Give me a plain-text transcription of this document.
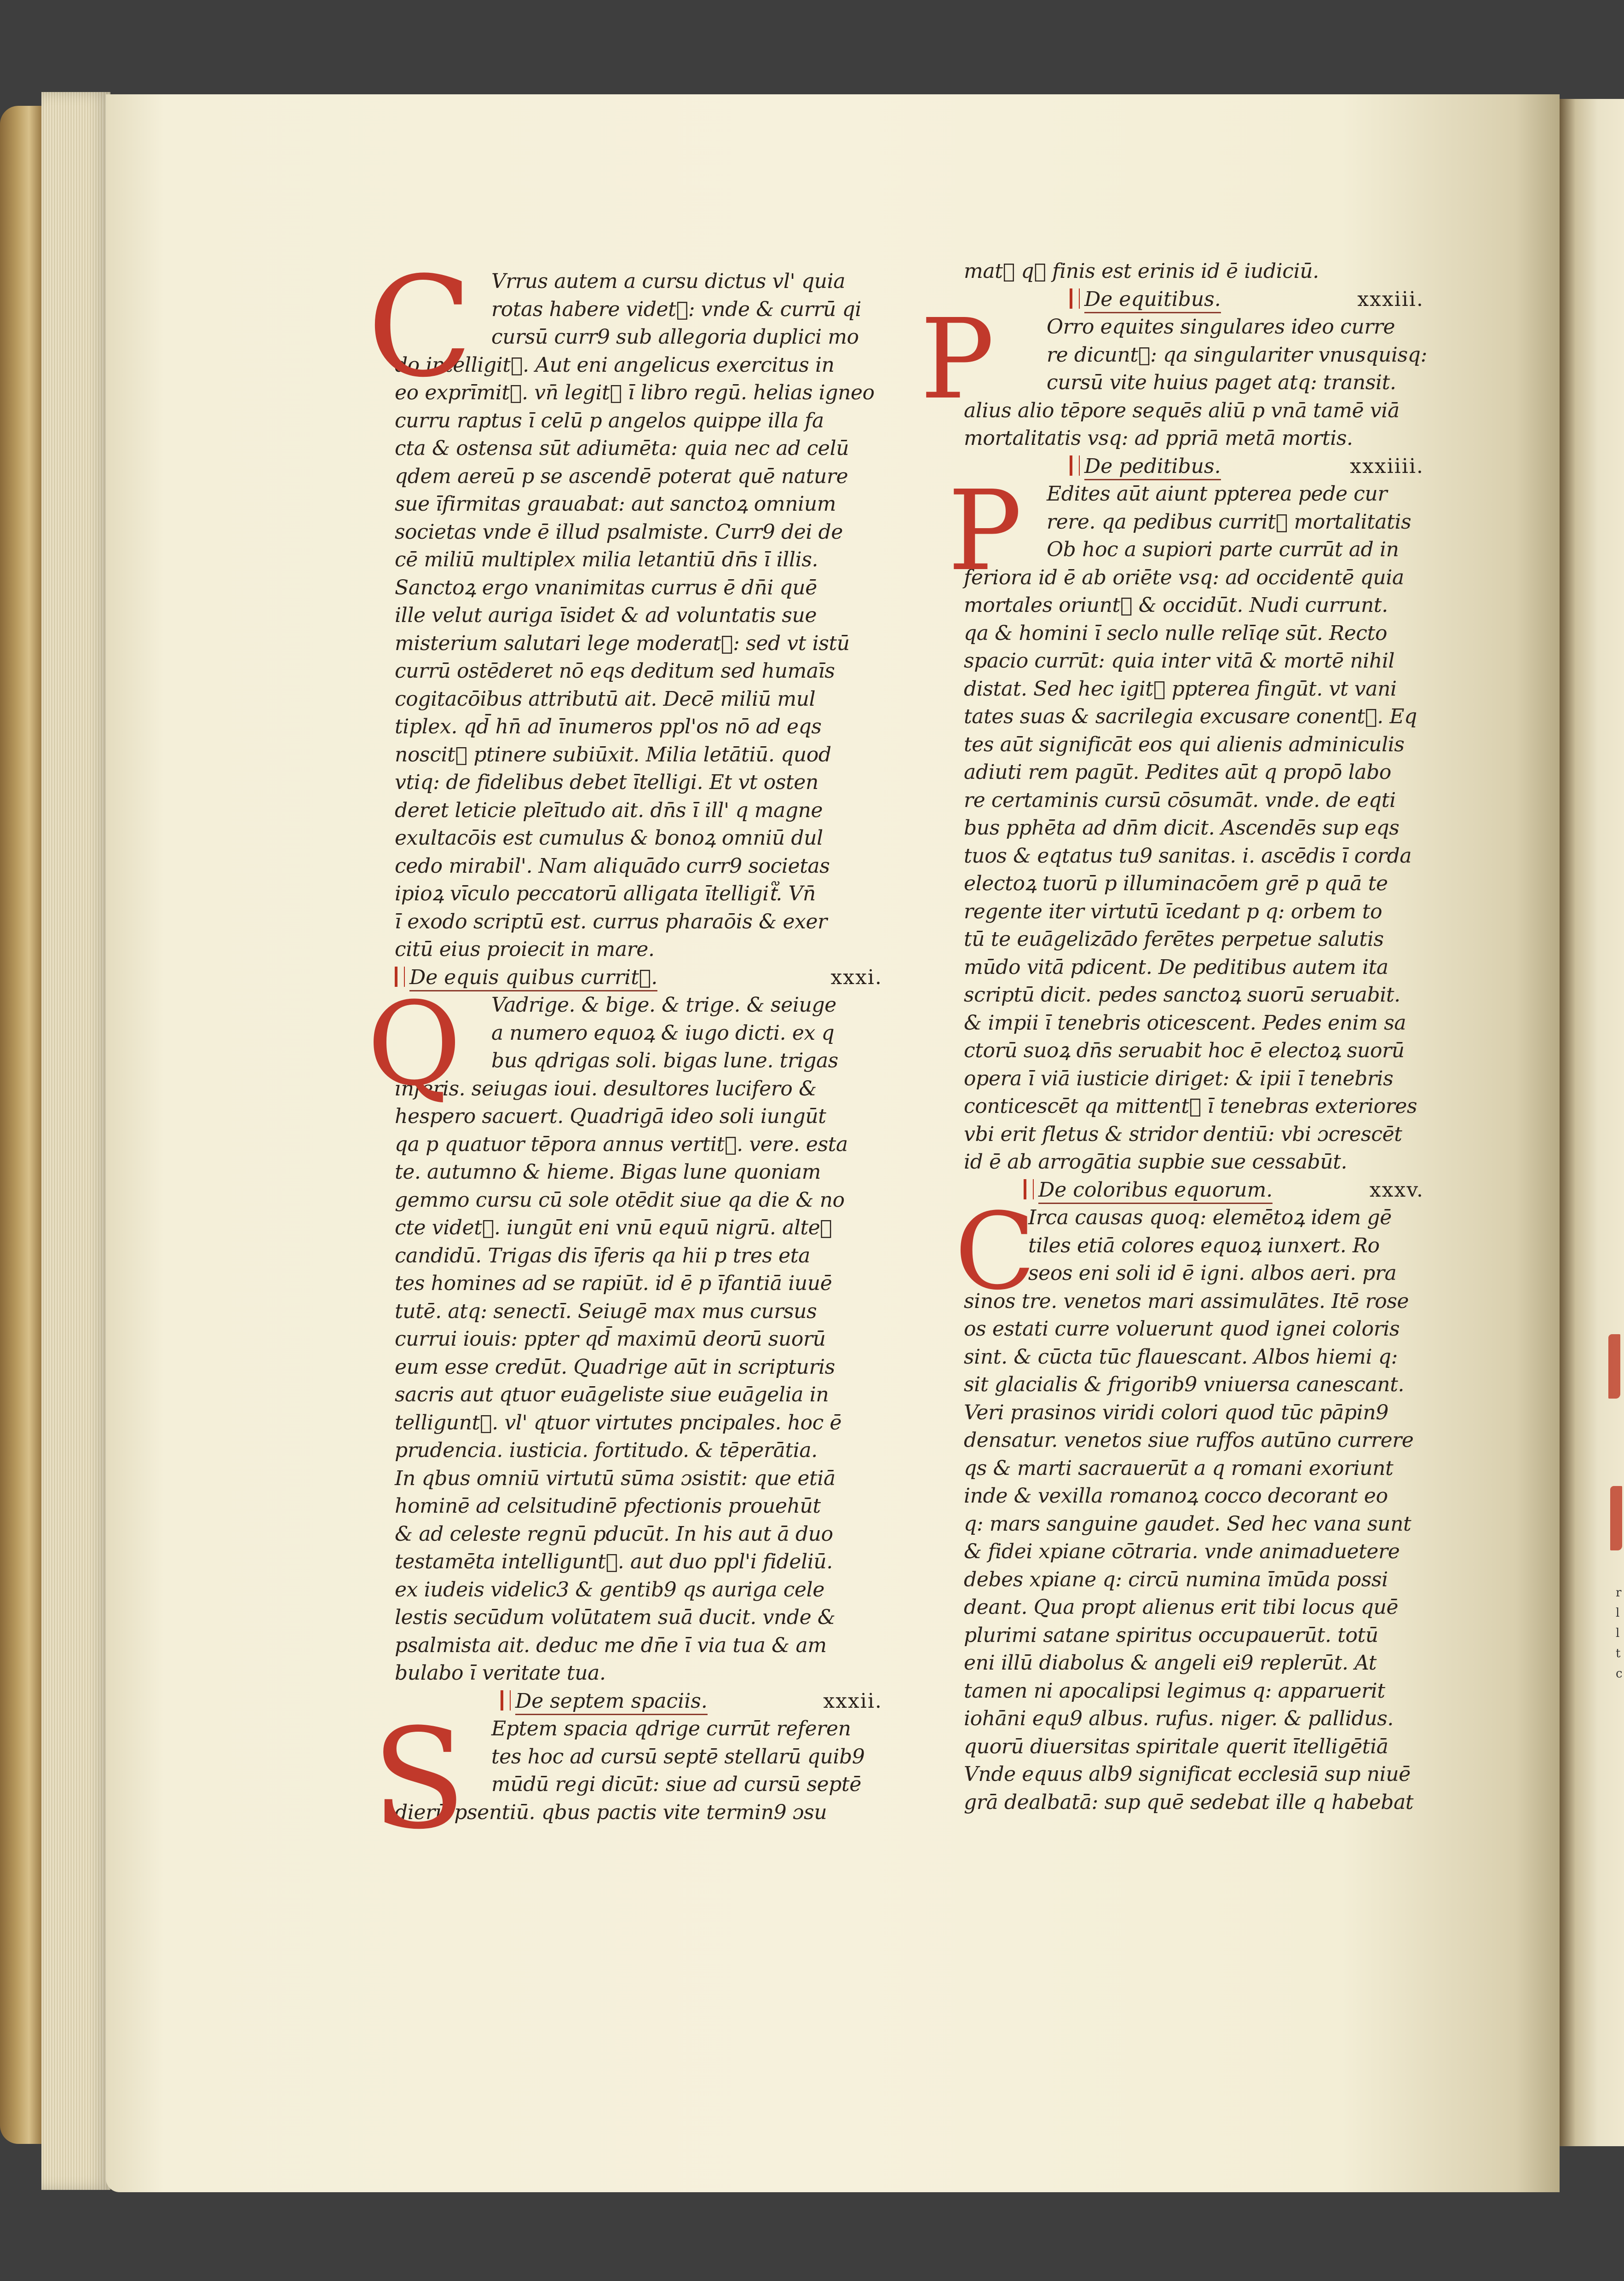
r
l
l
t
c
C Vrrus autem a cursu dictus vl' quia
rotas habere videt᷑: vnde & currū qi
cursū curr9 sub allegoria duplici mo
do intelligit᷑. Aut eni angelicus exercitus in
eo exprīmit᷑. vn̄ legit᷑ ī libro regū. helias igneo
curru raptus ī celū p angelos quippe illa fa
cta & ostensa sūt adiumēta: quia nec ad celū
qdem aereū p se ascendē poterat quē nature
sue īfirmitas grauabat: aut sanctoꝝ omnium
societas vnde ē illud psalmiste. Curr9 dei de
cē miliū multiplex milia letantiū dn̄s ī illis.
Sanctoꝝ ergo vnanimitas currus ē dn̄i quē
ille velut auriga īsidet & ad voluntatis sue
misterium salutari lege moderat᷑: sed vt istū
currū ostēderet nō eqs deditum sed humaīs
cogitacōibus attributū ait. Decē miliū mul
tiplex. qd̄ hn̄ ad īnumeros ppl'os nō ad eqs
noscit᷑ ptinere subiūxit. Milia letātiū. quod
vtiq: de fidelibus debet ītelligi. Et vt osten
deret leticie pleītudo ait. dn̄s ī ill' q magne
exultacōis est cumulus & bonoꝝ omniū dul
cedo mirabil'. Nam aliquādo curr9 societas
ipioꝝ vīculo peccatorū alligata ītelligit᷑. Vn̄
ī exodo scriptū est. currus pharaōis & exer
citū eius proiecit in mare.
De equis quibus currit᷑.	xxxi.
Q	Vadrige. & bige. & trige. & seiuge
a numero equoꝝ & iugo dicti. ex q
bus qdrigas soli. bigas lune. trigas
inferis. seiugas ioui. desultores lucifero &
hespero sacuert. Quadrigā ideo soli iungūt
qa p quatuor tēpora annus vertit᷑. vere. esta
te. autumno & hieme. Bigas lune quoniam
gemmo cursu cū sole otēdit siue qa die & no
cte videt᷑. iungūt eni vnū equū nigrū. alteꝝ
candidū. Trigas dis īferis qa hii p tres eta
tes homines ad se rapiūt. id ē p īfantiā iuuē
tutē. atq: senectī. Seiugē max mus cursus
currui iouis: ppter qd̄ maximū deorū suorū
eum esse credūt. Quadrige aūt in scripturis
sacris aut qtuor euāgeliste siue euāgelia in
telligunt᷑. vl' qtuor virtutes pncipales. hoc ē
prudencia. iusticia. fortitudo. & tēperātia.
In qbus omniū virtutū sūma ɔsistit: que etiā
hominē ad celsitudinē pfectionis prouehūt
& ad celeste regnū pducūt. In his aut ā duo
testamēta intelligunt᷑. aut duo ppl'i fideliū.
ex iudeis videlic3 & gentib9 qs auriga cele
lestis secūdum volūtatem suā ducit. vnde &
psalmista ait. deduc me dn̄e ī via tua & am
bulabo ī veritate tua.
De septem spaciis.	xxxii.
S	Eptem spacia qdrige currūt referen
tes hoc ad cursū septē stellarū quib9
mūdū regi dicūt: siue ad cursū septē
dierū psentiū. qbus pactis vite termin9 ɔsu
mat᷑ q᷑ finis est erinis id ē iudiciū.
De equitibus.	xxxiii.
P	Orro equites singulares ideo curre
re dicunt᷑: qa singulariter vnusquisq:
cursū vite huius paget atq: transit.
alius alio tēpore sequēs aliū p vnā tamē viā
mortalitatis vsq: ad ppriā metā mortis.
De peditibus.	xxxiiii.
P	Edites aūt aiunt ppterea pede cur
rere. qa pedibus currit᷑ mortalitatis
Ob hoc a supiori parte currūt ad in
feriora id ē ab oriēte vsq: ad occidentē quia
mortales oriunt᷑ & occidūt. Nudi currunt.
qa & homini ī seclo nulle relīqe sūt. Recto
spacio currūt: quia inter vitā & mortē nihil
distat. Sed hec igit᷑ ppterea fingūt. vt vani
tates suas & sacrilegia excusare conent᷑. Eq
tes aūt significāt eos qui alienis adminiculis
adiuti rem pagūt. Pedites aūt q propō labo
re certaminis cursū cōsumāt. vnde. de eqti
bus pphēta ad dn̄m dicit. Ascendēs sup eqs
tuos & eqtatus tu9 sanitas. i. ascēdis ī corda
electoꝝ tuorū p illuminacōem grē p quā te
regente iter virtutū īcedant p q: orbem to
tū te euāgelizādo ferētes perpetue salutis
mūdo vitā pdicent. De peditibus autem ita
scriptū dicit. pedes sanctoꝝ suorū seruabit.
& impii ī tenebris oticescent. Pedes enim sa
ctorū suoꝝ dn̄s seruabit hoc ē electoꝝ suorū
opera ī viā iusticie diriget: & ipii ī tenebris
conticescēt qa mittent᷑ ī tenebras exteriores
vbi erit fletus & stridor dentiū: vbi ɔcrescēt
id ē ab arrogātia supbie sue cessabūt.
De coloribus equorum.	xxxv.
C
Irca causas quoq: elemētoꝝ idem gē
tiles etiā colores equoꝝ iunxert. Ro
seos eni soli id ē igni. albos aeri. pra
sinos tre. venetos mari assimulātes. Itē rose
os estati curre voluerunt quod ignei coloris
sint. & cūcta tūc flauescant. Albos hiemi q:
sit glacialis & frigorib9 vniuersa canescant.
Veri prasinos viridi colori quod tūc pāpin9
densatur. venetos siue ruffos autūno currere
qs & marti sacrauerūt a q romani exoriunt
inde & vexilla romanoꝝ cocco decorant eo
q: mars sanguine gaudet. Sed hec vana sunt
& fidei xpiane cōtraria. vnde animaduetere
debes xpiane q: circū numina īmūda possi
deant. Qua propt alienus erit tibi locus quē
plurimi satane spiritus occupauerūt. totū
eni illū diabolus & angeli ei9 replerūt. At
tamen ni apocalipsi legimus q: apparuerit
iohāni equ9 albus. rufus. niger. & pallidus.
quorū diuersitas spiritale querit ītelligētiā
Vnde equus alb9 significat ecclesiā sup niuē
grā dealbatā: sup quē sedebat ille q habebat
